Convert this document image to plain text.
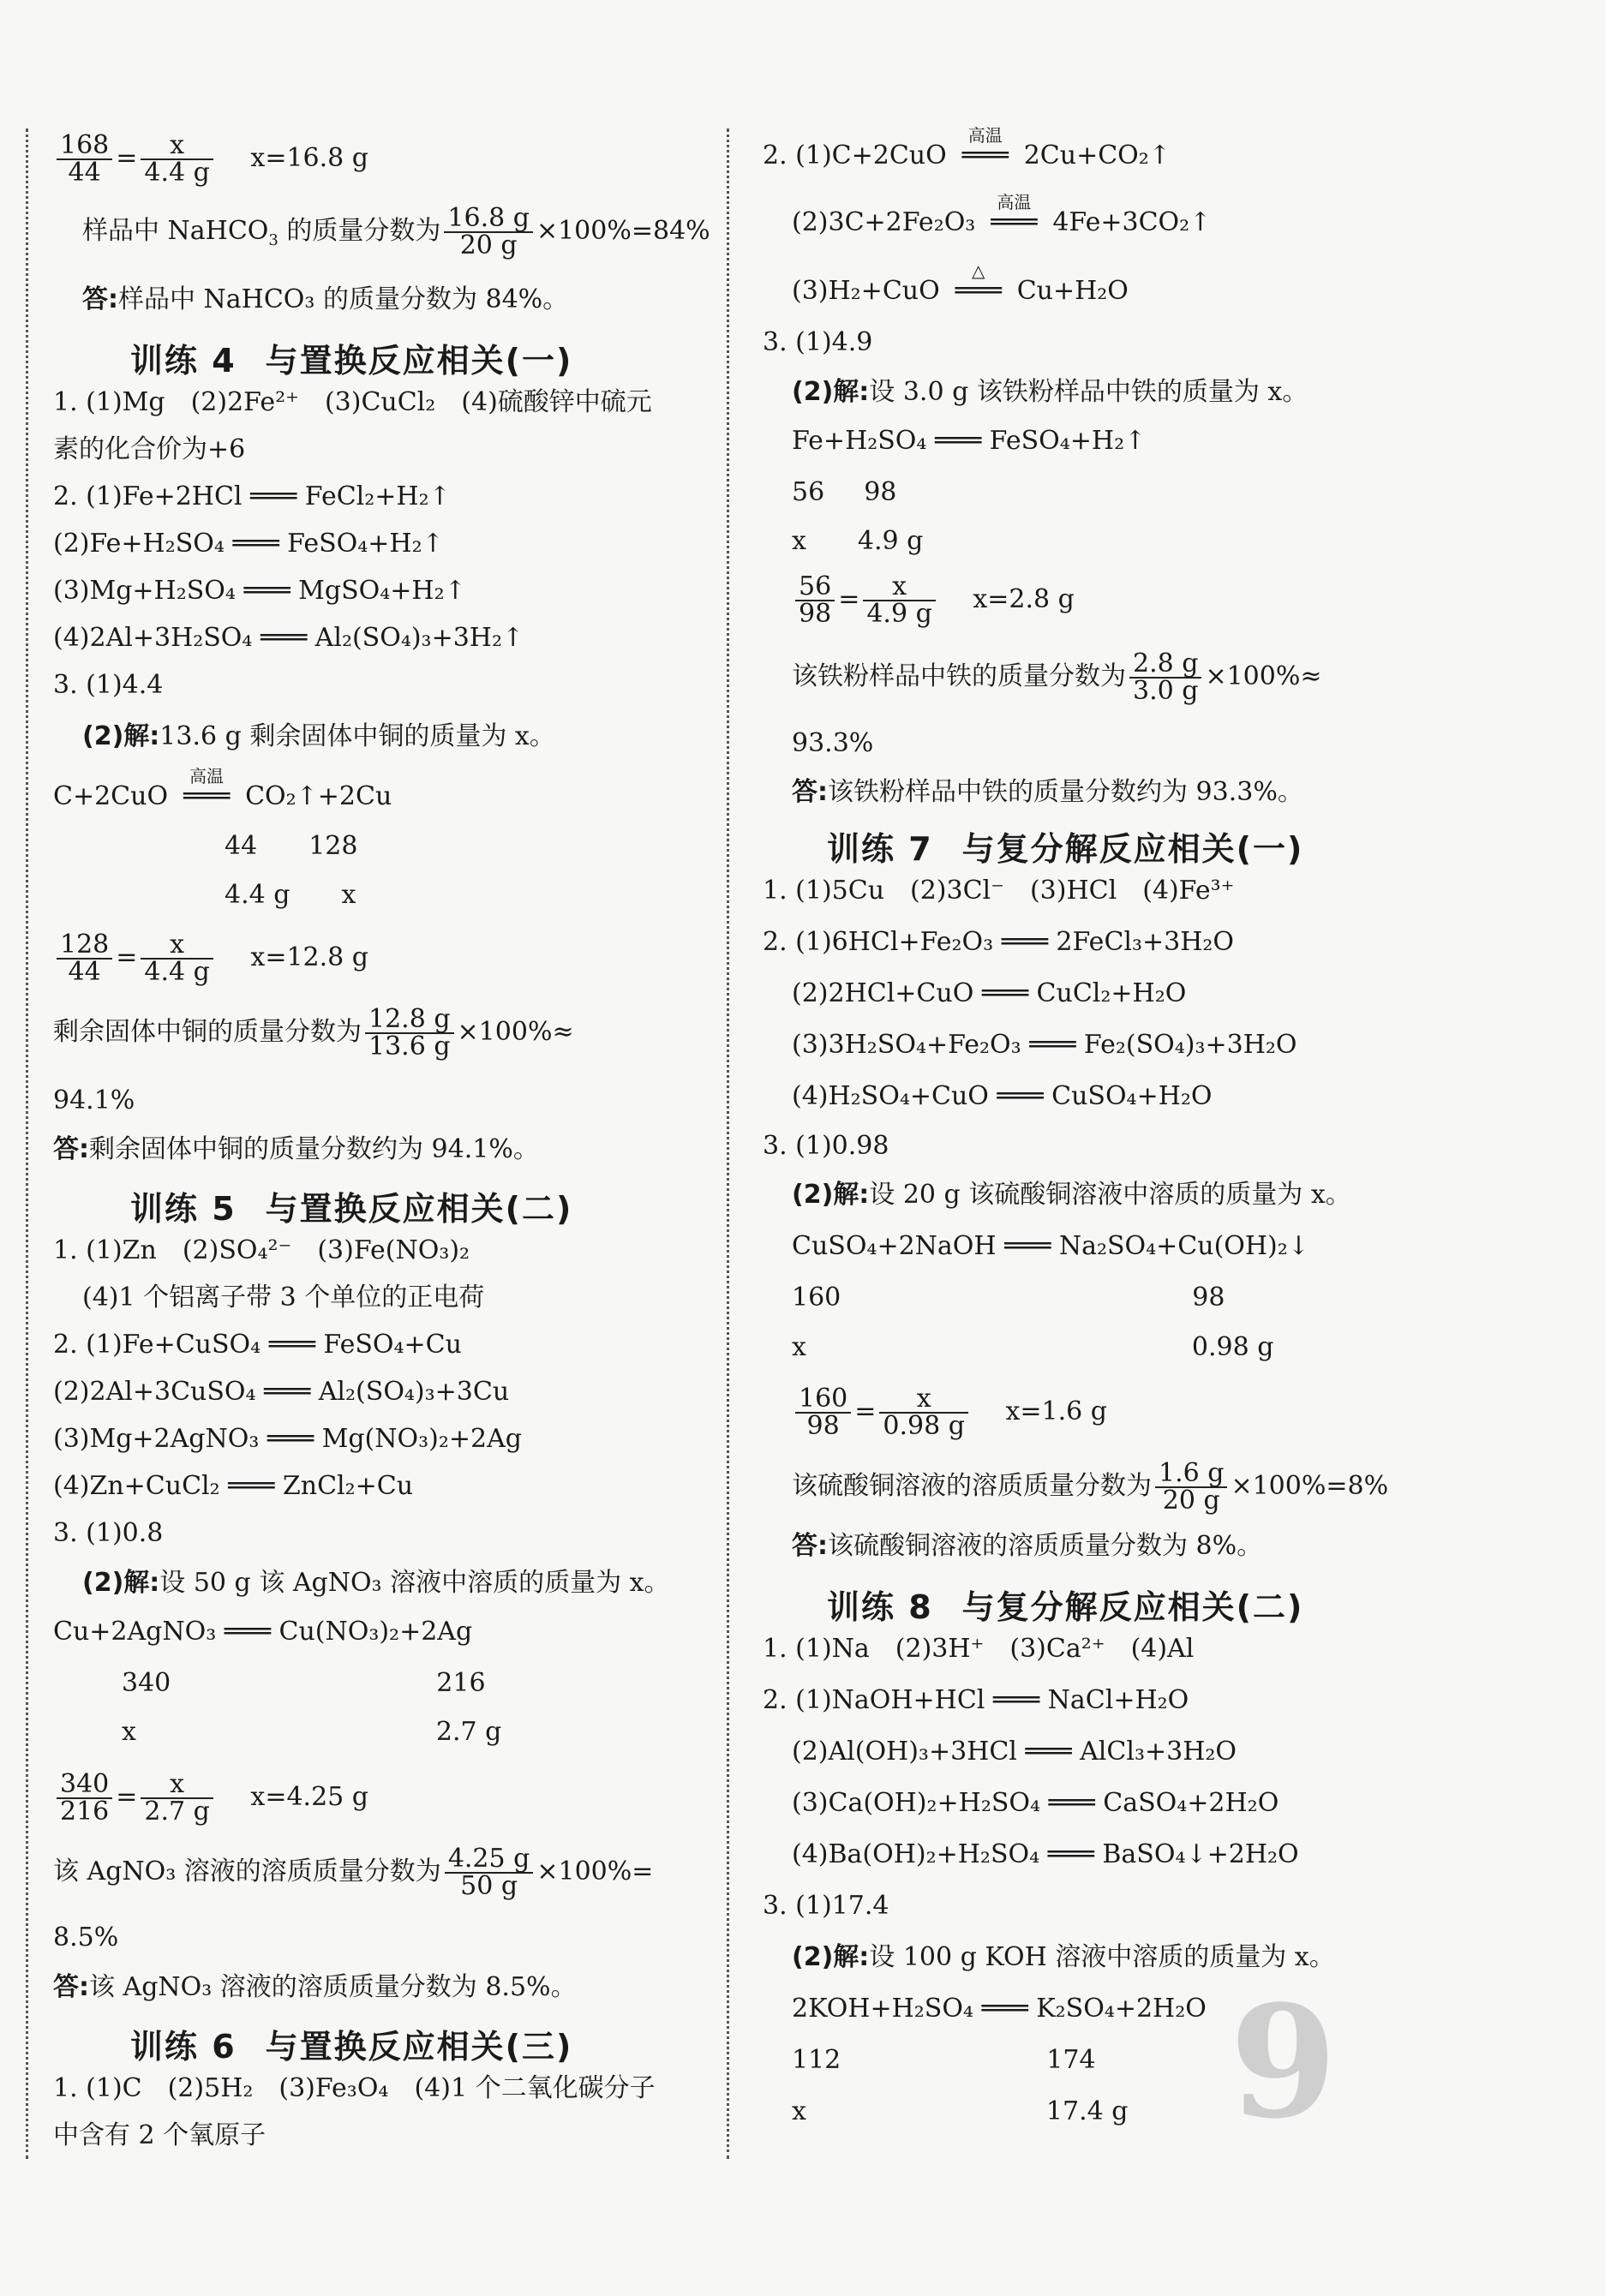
$\frac{168}{44} = \frac{x}{4.4 g} x=16.8$ g
样品中 NaHCO$_3$ 的质量分数为 $\frac{16.8 g}{20 g} \times 100\%=84\%$
答:样品中 NaHCO₃ 的质量分数为 84%。
训练 4 与置换反应相关(一)
1. (1)Mg　(2)2Fe²⁺　(3)CuCl₂　(4)硫酸锌中硫元
素的化合价为+6
2. (1)Fe+2HCl ═══ FeCl₂+H₂↑
(2)Fe+H₂SO₄ ═══ FeSO₄+H₂↑
(3)Mg+H₂SO₄ ═══ MgSO₄+H₂↑
(4)2Al+3H₂SO₄ ═══ Al₂(SO₄)₃+3H₂↑
3. (1)4.4
(2)解:13.6 g 剩余固体中铜的质量为 x。
C+2CuO
高温
═══ CO₂↑+2Cu
44 128
4.4 g x
$\frac{128}{44} = \frac{x}{4.4 g} x=12.8$ g
剩余固体中铜的质量分数为 $\frac{12.8 g}{13.6 g} \times 100\%\approx$
94.1%
答:剩余固体中铜的质量分数约为 94.1%。
训练 5 与置换反应相关(二)
1. (1)Zn　(2)SO₄²⁻　(3)Fe(NO₃)₂
(4)1 个铝离子带 3 个单位的正电荷
2. (1)Fe+CuSO₄ ═══ FeSO₄+Cu
(2)2Al+3CuSO₄ ═══ Al₂(SO₄)₃+3Cu
(3)Mg+2AgNO₃ ═══ Mg(NO₃)₂+2Ag
(4)Zn+CuCl₂ ═══ ZnCl₂+Cu
3. (1)0.8
(2)解:设 50 g 该 AgNO₃ 溶液中溶质的质量为 x。
Cu+2AgNO₃ ═══ Cu(NO₃)₂+2Ag
340	216
x	2.7 g
$\frac{340}{216} = \frac{x}{2.7 g} x=4.25$ g
该 AgNO₃ 溶液的溶质质量分数为 $\frac{4.25 g}{50 g} \times 100\%=$
8.5%
答:该 AgNO₃ 溶液的溶质质量分数为 8.5%。
训练 6 与置换反应相关(三)
1. (1)C　(2)5H₂　(3)Fe₃O₄　(4)1 个二氧化碳分子
中含有 2 个氧原子
2. (1)C+2CuO
高温
═══ 2Cu+CO₂↑
(2)3C+2Fe₂O₃
高温
═══ 4Fe+3CO₂↑
(3)H₂+CuO
△
═══ Cu+H₂O
3. (1)4.9
(2)解:设 3.0 g 该铁粉样品中铁的质量为 x。
Fe+H₂SO₄ ═══ FeSO₄+H₂↑
56 98
x 4.9 g
$\frac{56}{98} = \frac{x}{4.9 g} x=2.8$ g
该铁粉样品中铁的质量分数为 $\frac{2.8 g}{3.0 g} \times 100\%\approx$
93.3%
答:该铁粉样品中铁的质量分数约为 93.3%。
训练 7 与复分解反应相关(一)
1. (1)5Cu　(2)3Cl⁻　(3)HCl　(4)Fe³⁺
2. (1)6HCl+Fe₂O₃ ═══ 2FeCl₃+3H₂O
(2)2HCl+CuO ═══ CuCl₂+H₂O
(3)3H₂SO₄+Fe₂O₃ ═══ Fe₂(SO₄)₃+3H₂O
(4)H₂SO₄+CuO ═══ CuSO₄+H₂O
3. (1)0.98
(2)解:设 20 g 该硫酸铜溶液中溶质的质量为 x。
CuSO₄+2NaOH ═══ Na₂SO₄+Cu(OH)₂↓
160	98
x	0.98 g
$\frac{160}{98} = \frac{x}{0.98 g} x=1.6$ g
该硫酸铜溶液的溶质质量分数为 $\frac{1.6 g}{20 g} \times 100\%=8\%$
答:该硫酸铜溶液的溶质质量分数为 8%。
训练 8 与复分解反应相关(二)
1. (1)Na　(2)3H⁺　(3)Ca²⁺　(4)Al
2. (1)NaOH+HCl ═══ NaCl+H₂O
(2)Al(OH)₃+3HCl ═══ AlCl₃+3H₂O
(3)Ca(OH)₂+H₂SO₄ ═══ CaSO₄+2H₂O
(4)Ba(OH)₂+H₂SO₄ ═══ BaSO₄↓+2H₂O
3. (1)17.4
(2)解:设 100 g KOH 溶液中溶质的质量为 x。
2KOH+H₂SO₄ ═══ K₂SO₄+2H₂O
112	174
x	17.4 g 9
